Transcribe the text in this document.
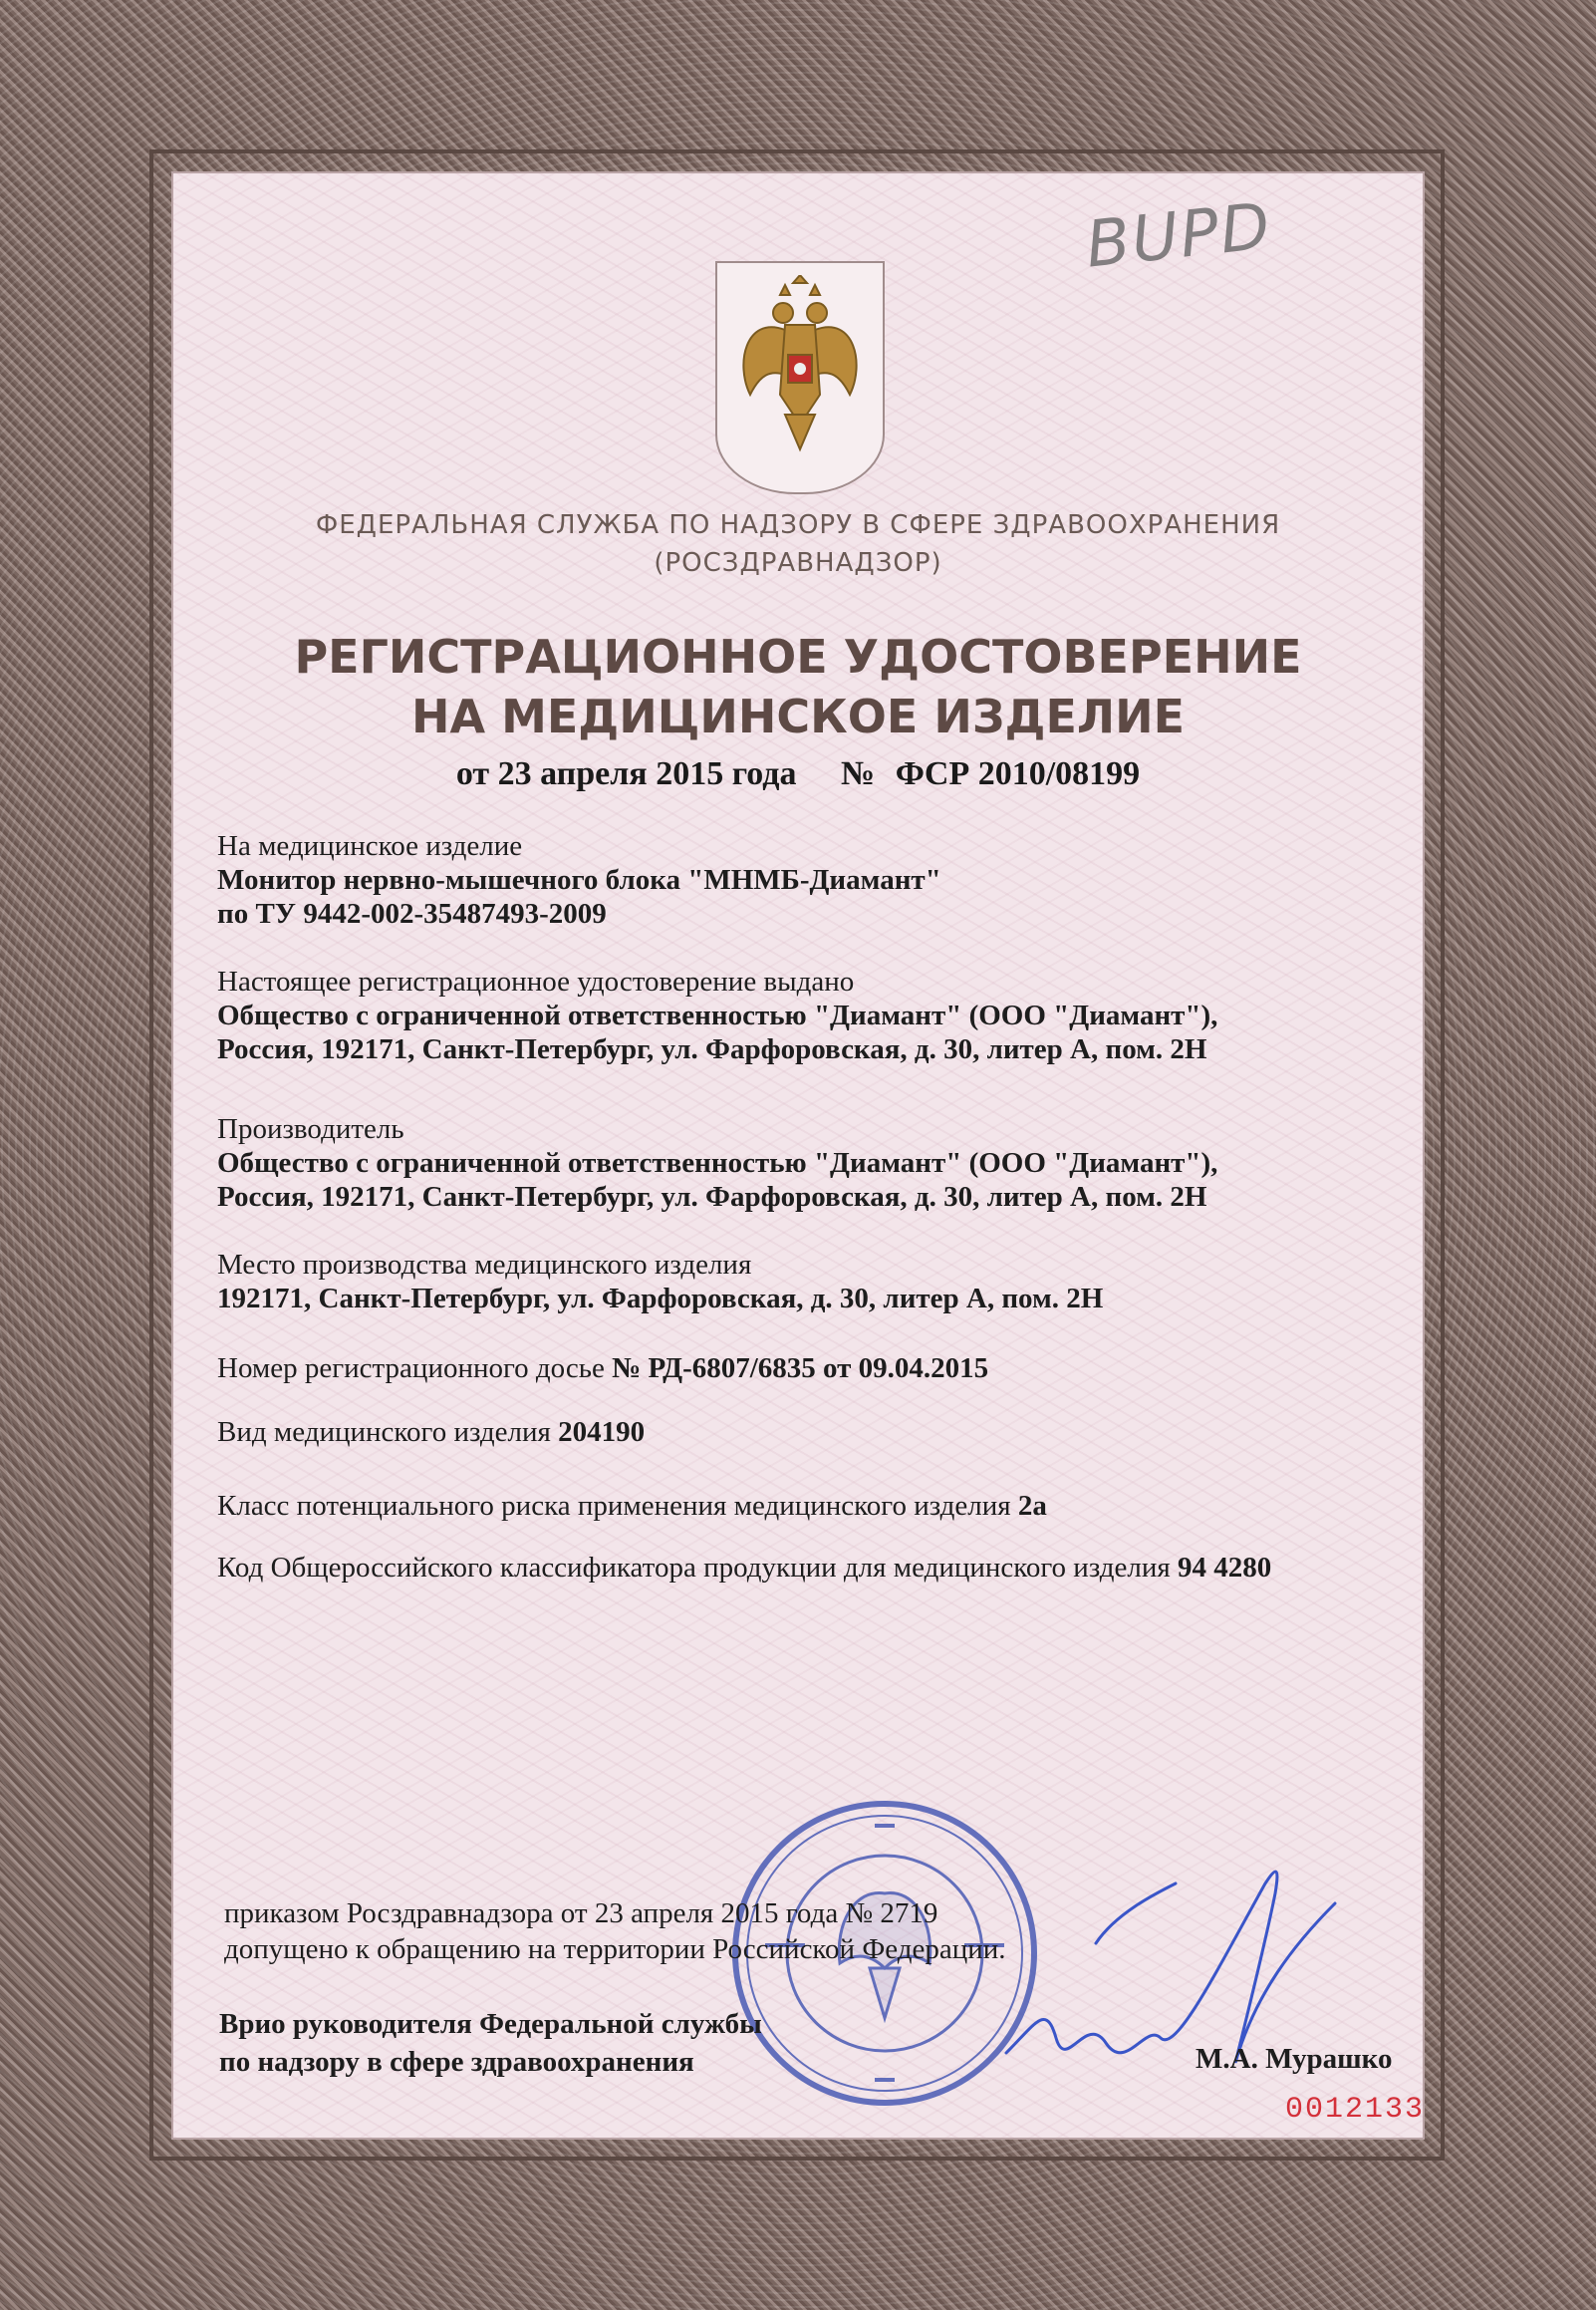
BUPD
ФЕДЕРАЛЬНАЯ СЛУЖБА ПО НАДЗОРУ В СФЕРЕ ЗДРАВООХРАНЕНИЯ
(РОСЗДРАВНАДЗОР)
РЕГИСТРАЦИОННОЕ УДОСТОВЕРЕНИЕ
НА МЕДИЦИНСКОЕ ИЗДЕЛИЕ
от 23 апреля 2015 года № ФСР 2010/08199
На медицинское изделие
Монитор нервно-мышечного блока "МНМБ-Диамант"
по ТУ 9442-002-35487493-2009
Настоящее регистрационное удостоверение выдано
Общество с ограниченной ответственностью "Диамант" (ООО "Диамант"),
Россия, 192171, Санкт-Петербург, ул. Фарфоровская, д. 30, литер А, пом. 2Н
Производитель
Общество с ограниченной ответственностью "Диамант" (ООО "Диамант"),
Россия, 192171, Санкт-Петербург, ул. Фарфоровская, д. 30, литер А, пом. 2Н
Место производства медицинского изделия
192171, Санкт-Петербург, ул. Фарфоровская, д. 30, литер А, пом. 2Н
Номер регистрационного досье № РД-6807/6835 от 09.04.2015
Вид медицинского изделия 204190
Класс потенциального риска применения медицинского изделия 2а
Код Общероссийского классификатора продукции для медицинского изделия 94 4280
приказом Росздравнадзора от 23 апреля 2015 года № 2719
допущено к обращению на территории Российской Федерации.
Врио руководителя Федеральной службы
по надзору в сфере здравоохранения	М.А. Мурашко
0012133
